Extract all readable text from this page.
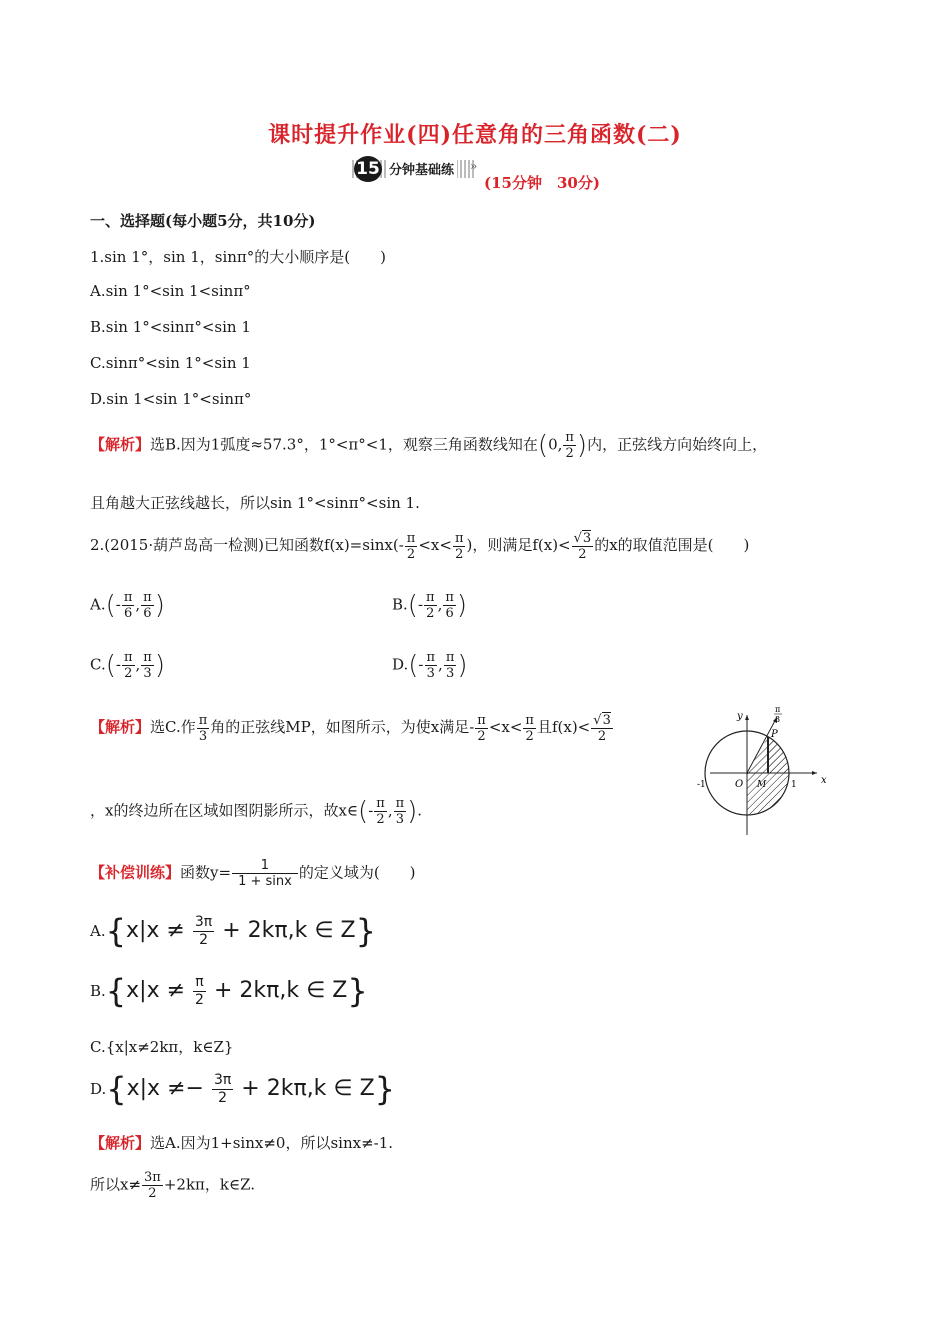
课时提升作业(四)任意角的三角函数(二)
15 分钟基础练 »
(15分钟　30分)
一、选择题(每小题5分，共10分)
1.sin 1°，sin 1，sinπ°的大小顺序是(　　)
A.sin 1°<sin 1<sinπ°
B.sin 1°<sinπ°<sin 1
C.sinπ°<sin 1°<sin 1
D.sin 1<sin 1°<sinπ°
【解析】选B.因为1弧度≈57.3°，1°<π°<1，观察三角函数线知在(0, $\frac{\pi}{2}$ )内，正弦线方向始终向上，
且角越大正弦线越长，所以sin 1°<sinπ°<sin 1.
2.(2015·葫芦岛高一检测)已知函数$f(x)=\sin x(- \frac{\pi}{2} <x< \frac{\pi}{2}$ )，则满足$f(x)< \frac{√3}{2}$ 的x的取值范围是(　　)
$A.(- \frac{\pi}{6}$ , $\frac{\pi}{6}$ )	$B.(- \frac{\pi}{2}$ , $\frac{\pi}{6}$ )
$C.(- \frac{\pi}{2}$ , $\frac{\pi}{3}$ )	$D.(- \frac{\pi}{3}$ , $\frac{\pi}{3}$ )
【解析】选C.作 $\frac{\pi}{3}$ 角的正弦线MP，如图所示，为使x满足- $\frac{\pi}{2} <x< \frac{\pi}{2}$ 且$f(x)< \frac{√3}{2}$
，x的终边所在区域如图阴影所示，故x∈(- $\frac{\pi}{2}$ , $\frac{\pi}{3}$ ).
y
x
O M
P
-1	1
π
3
【补偿训练】函数$y= \frac{1}{1 + \sin x}$ 的定义域为(　　)
$A.\{x|x \ne \frac{3\pi}{2} + 2k\pi,k$ ∈ Z}
$B.\{x|x \ne \frac{\pi}{2} + 2k\pi,k$ ∈ Z}
C.{x|x≠2kπ，k∈Z}
$D.\{x|x \ne- \frac{3\pi}{2} + 2k\pi,k$ ∈ Z}
【解析】选A.因为1+sinx≠0，所以sinx≠-1.
所以$x\ne \frac{3\pi}{2} +2k\pi$，k∈Z.
